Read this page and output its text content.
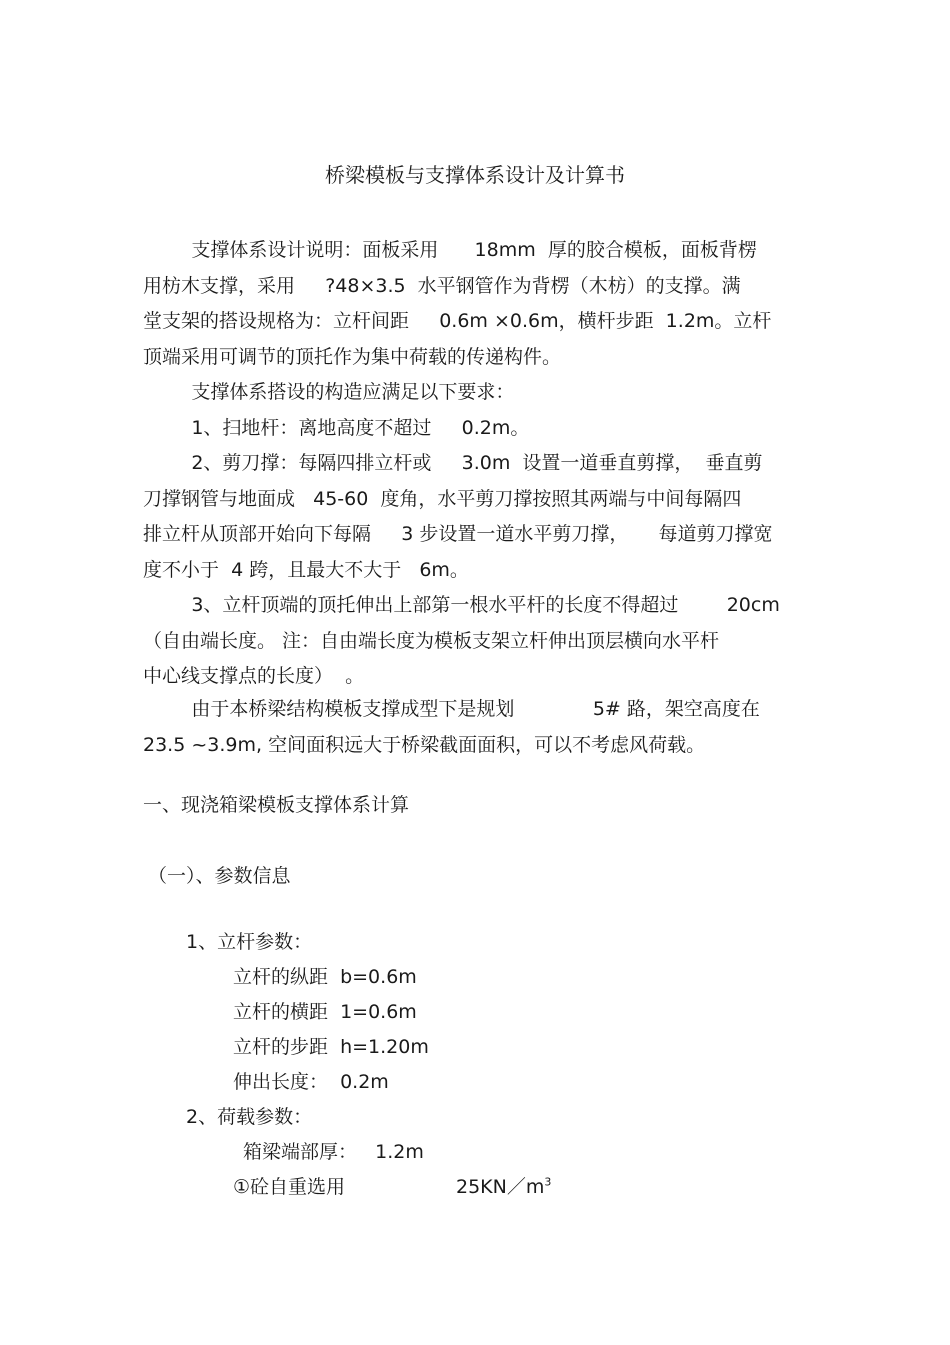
桥梁模板与支撑体系设计及计算书
支撑体系设计说明：面板采用      18mm  厚的胶合模板，面板背楞
用枋木支撑，采用     ?48×3.5  水平钢管作为背楞（木枋）的支撑。满
堂支架的搭设规格为：立杆间距     0.6m ×0.6m，横杆步距  1.2m。立杆
顶端采用可调节的顶托作为集中荷载的传递构件。
支撑体系搭设的构造应满足以下要求：
1、扫地杆：离地高度不超过     0.2m。
2、剪刀撑：每隔四排立杆或     3.0m  设置一道垂直剪撑，  垂直剪
刀撑钢管与地面成   45-60  度角，水平剪刀撑按照其两端与中间每隔四
排立杆从顶部开始向下每隔     3 步设置一道水平剪刀撑，     每道剪刀撑宽
度不小于  4 跨，且最大不大于   6m。
3、立杆顶端的顶托伸出上部第一根水平杆的长度不得超过        20cm
（自由端长度。 注：自由端长度为模板支架立杆伸出顶层横向水平杆
中心线支撑点的长度）  。
由于本桥梁结构模板支撑成型下是规划             5# 路，架空高度在
23.5 ~3.9m, 空间面积远大于桥梁截面面积，可以不考虑风荷载。
一、现浇箱梁模板支撑体系计算
（一）、参数信息
1、立杆参数：
立杆的纵距  b=0.6m
立杆的横距  1=0.6m
立杆的步距  h=1.20m
伸出长度：  0.2m
2、荷载参数：
箱梁端部厚：   1.2m
①砼自重选用	$25KN/m^3$
